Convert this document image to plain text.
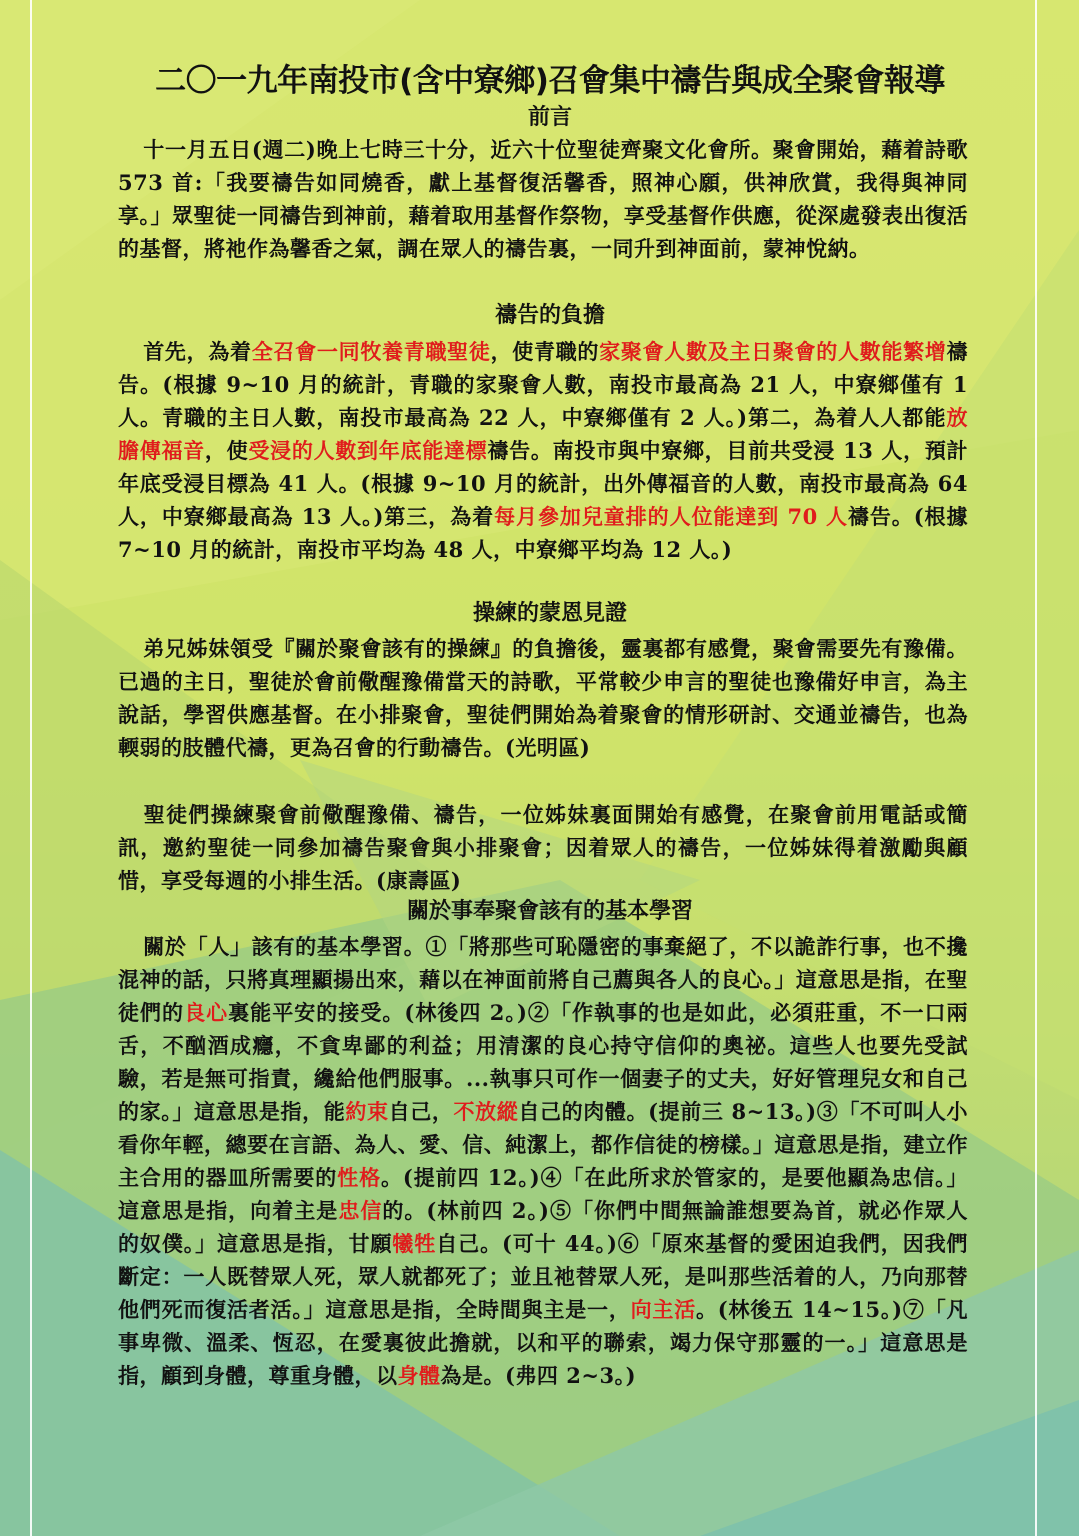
二〇一九年南投市(含中寮鄉)召會集中禱告與成全聚會報導
前言
十一月五日(週二)晚上七時三十分，近六十位聖徒齊聚文化會所。聚會開始，藉着詩歌 573 首:「我要禱告如同燒香，獻上基督復活馨香，照神心願，供神欣賞，我得與神同享。」眾聖徒一同禱告到神前，藉着取用基督作祭物，享受基督作供應，從深處發表出復活的基督，將祂作為馨香之氣，調在眾人的禱告裏，一同升到神面前，蒙神悅納。
禱告的負擔
首先，為着全召會一同牧養青職聖徒，使青職的家聚會人數及主日聚會的人數能繁增禱告。(根據 9~10 月的統計，青職的家聚會人數，南投市最高為 21 人，中寮鄉僅有 1 人。青職的主日人數，南投市最高為 22 人，中寮鄉僅有 2 人。)第二，為着人人都能放膽傳福音，使受浸的人數到年底能達標禱告。南投市與中寮鄉，目前共受浸 13 人，預計年底受浸目標為 41 人。(根據 9~10 月的統計，出外傳福音的人數，南投市最高為 64 人，中寮鄉最高為 13 人。)第三，為着每月參加兒童排的人位能達到 70 人禱告。(根據 7~10 月的統計，南投市平均為 48 人，中寮鄉平均為 12 人。)
操練的蒙恩見證
弟兄姊妹領受『關於聚會該有的操練』的負擔後，靈裏都有感覺，聚會需要先有豫備。已過的主日，聖徒於會前儆醒豫備當天的詩歌，平常較少申言的聖徒也豫備好申言，為主說話，學習供應基督。在小排聚會，聖徒們開始為着聚會的情形研討、交通並禱告，也為輭弱的肢體代禱，更為召會的行動禱告。(光明區)
聖徒們操練聚會前儆醒豫備、禱告，一位姊妹裏面開始有感覺，在聚會前用電話或簡訊，邀約聖徒一同參加禱告聚會與小排聚會；因着眾人的禱告，一位姊妹得着激勵與顧惜，享受每週的小排生活。(康壽區)
關於事奉聚會該有的基本學習
關於「人」該有的基本學習。①「將那些可恥隱密的事棄絕了，不以詭詐行事，也不攙混神的話，只將真理顯揚出來，藉以在神面前將自己薦與各人的良心。」這意思是指，在聖徒們的良心裏能平安的接受。(林後四 2。)②「作執事的也是如此，必須莊重，不一口兩舌，不酗酒成癮，不貪卑鄙的利益；用清潔的良心持守信仰的奧祕。這些人也要先受試驗，若是無可指責，纔給他們服事。...執事只可作一個妻子的丈夫，好好管理兒女和自己的家。」這意思是指，能約束自己，不放縱自己的肉體。(提前三 8~13。)③「不可叫人小看你年輕，總要在言語、為人、愛、信、純潔上，都作信徒的榜樣。」這意思是指，建立作主合用的器皿所需要的性格。(提前四 12。)④「在此所求於管家的，是要他顯為忠信。」這意思是指，向着主是忠信的。(林前四 2。)⑤「你們中間無論誰想要為首，就必作眾人的奴僕。」這意思是指，甘願犧牲自己。(可十 44。)⑥「原來基督的愛困迫我們，因我們斷定：一人既替眾人死，眾人就都死了；並且祂替眾人死，是叫那些活着的人，乃向那替他們死而復活者活。」這意思是指，全時間與主是一，向主活。(林後五 14~15。)⑦「凡事卑微、溫柔、恆忍，在愛裏彼此擔就，以和平的聯索，竭力保守那靈的一。」這意思是指，顧到身體，尊重身體，以身體為是。(弗四 2~3。)
